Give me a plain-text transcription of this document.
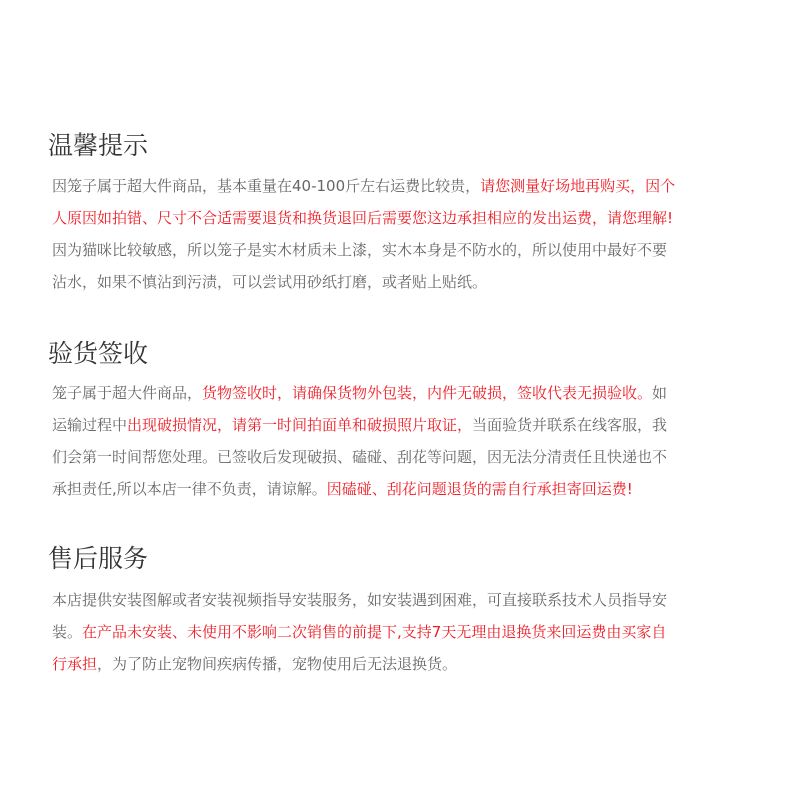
温馨提示
因笼子属于超大件商品，基本重量在40-100斤左右运费比较贵，请您测量好场地再购买，因个
人原因如拍错、尺寸不合适需要退货和换货退回后需要您这边承担相应的发出运费，请您理解!
因为猫咪比较敏感，所以笼子是实木材质未上漆，实木本身是不防水的，所以使用中最好不要
沾水，如果不慎沾到污渍，可以尝试用砂纸打磨，或者贴上贴纸。
验货签收
笼子属于超大件商品，货物签收时，请确保货物外包装，内件无破损，签收代表无损验收。如
运输过程中出现破损情况，请第一时间拍面单和破损照片取证，当面验货并联系在线客服，我
们会第一时间帮您处理。已签收后发现破损、磕碰、刮花等问题，因无法分清责任且快递也不
承担责任,所以本店一律不负责，请谅解。因磕碰、刮花问题退货的需自行承担寄回运费!
售后服务
本店提供安装图解或者安装视频指导安装服务，如安装遇到困难，可直接联系技术人员指导安
装。在产品未安装、未使用不影响二次销售的前提下,支持7天无理由退换货来回运费由买家自
行承担，为了防止宠物间疾病传播，宠物使用后无法退换货。
